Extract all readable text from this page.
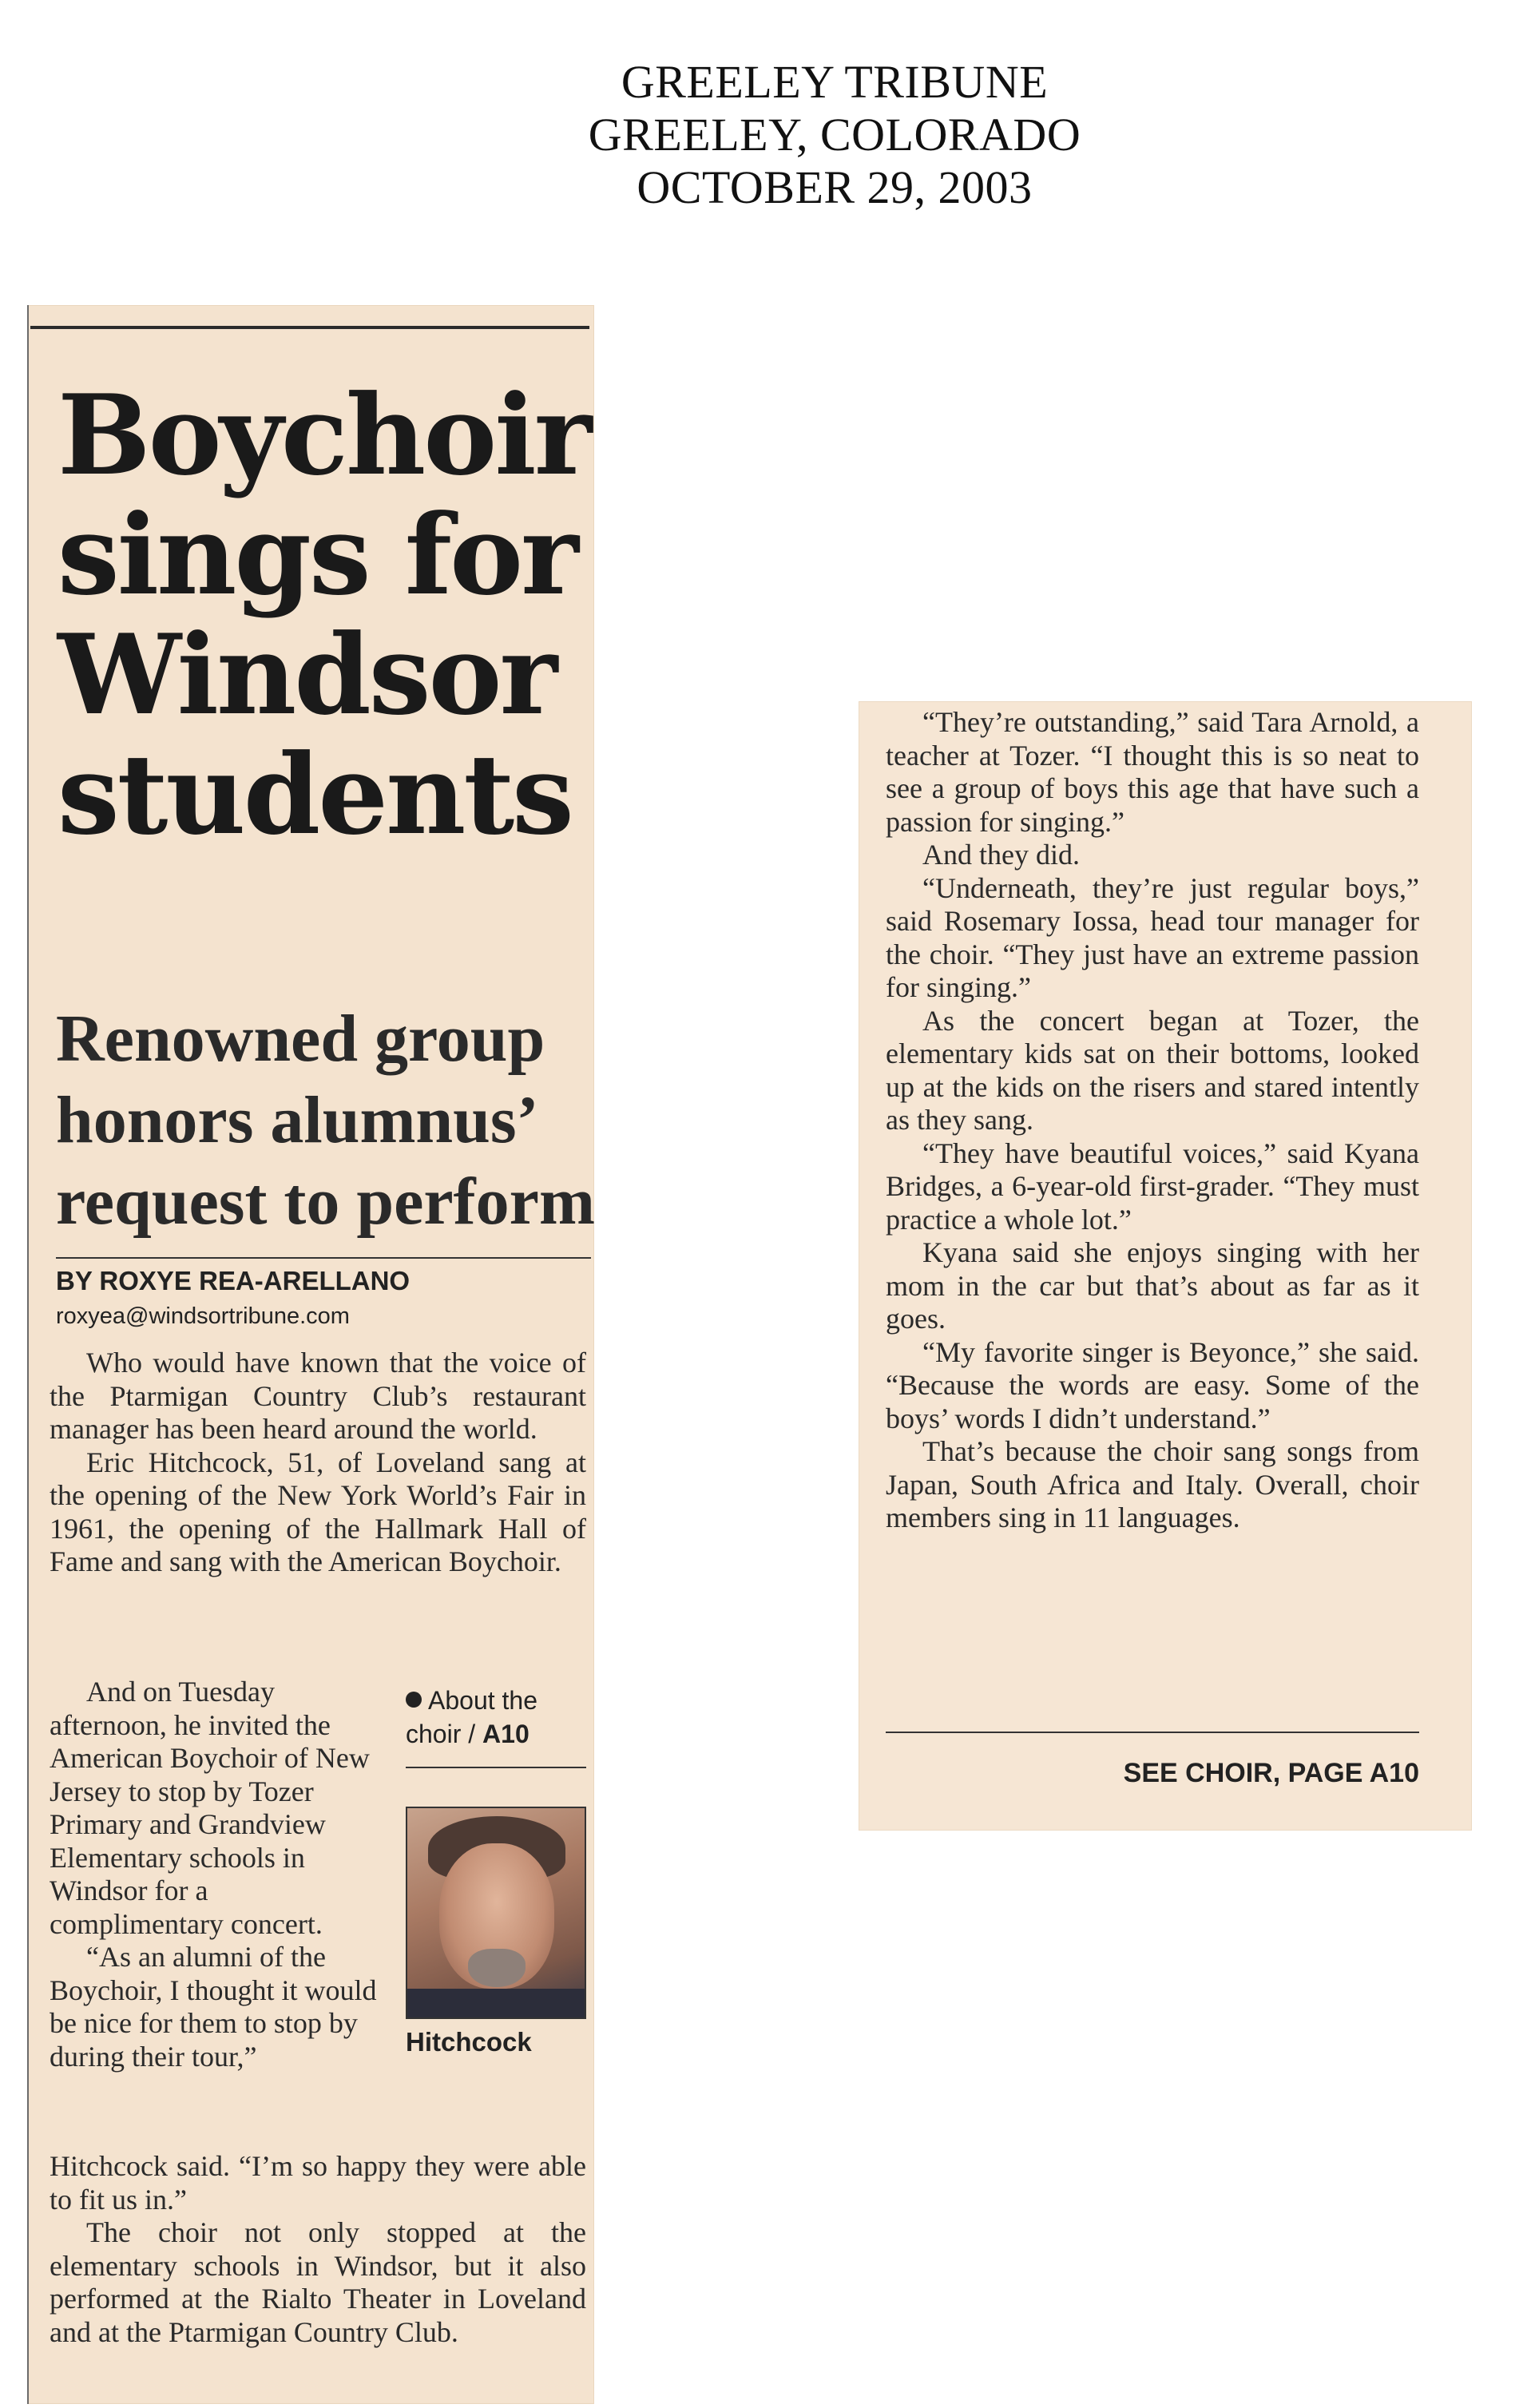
GREELEY TRIBUNE
GREELEY, COLORADO
OCTOBER 29, 2003
Boychoir
sings for
Windsor
students
Renowned group
honors alumnus’
request to perform
BY ROXYE REA-ARELLANO
roxyea@windsortribune.com

Who would have known that the voice of the Ptarmigan Country Club’s restaurant manager has been heard around the world.

Eric Hitchcock, 51, of Loveland sang at the opening of the New York World’s Fair in 1961, the opening of the Hallmark Hall of Fame and sang with the American Boychoir.

And on Tuesday afternoon, he invited the American Boychoir of New Jersey to stop by Tozer Primary and Grandview Elementary schools in Windsor for a complimentary concert.

“As an alumni of the Boychoir, I thought it would be nice for them to stop by during their tour,”

About the choir / A10
Hitchcock

Hitchcock said. “I’m so happy they were able to fit us in.”

The choir not only stopped at the elementary schools in Windsor, but it also performed at the Rialto Theater in Loveland and at the Ptarmigan Country Club.

“They’re outstanding,” said Tara Arnold, a teacher at Tozer. “I thought this is so neat to see a group of boys this age that have such a passion for singing.”

And they did.

“Underneath, they’re just regular boys,” said Rosemary Iossa, head tour manager for the choir. “They just have an extreme passion for singing.”

As the concert began at Tozer, the elementary kids sat on their bottoms, looked up at the kids on the risers and stared intently as they sang.

“They have beautiful voices,” said Kyana Bridges, a 6-year-old first-grader. “They must practice a whole lot.”

Kyana said she enjoys singing with her mom in the car but that’s about as far as it goes.

“My favorite singer is Beyonce,” she said. “Because the words are easy. Some of the boys’ words I didn’t understand.”

That’s because the choir sang songs from Japan, South Africa and Italy. Overall, choir members sing in 11 languages.

SEE CHOIR, PAGE A10
